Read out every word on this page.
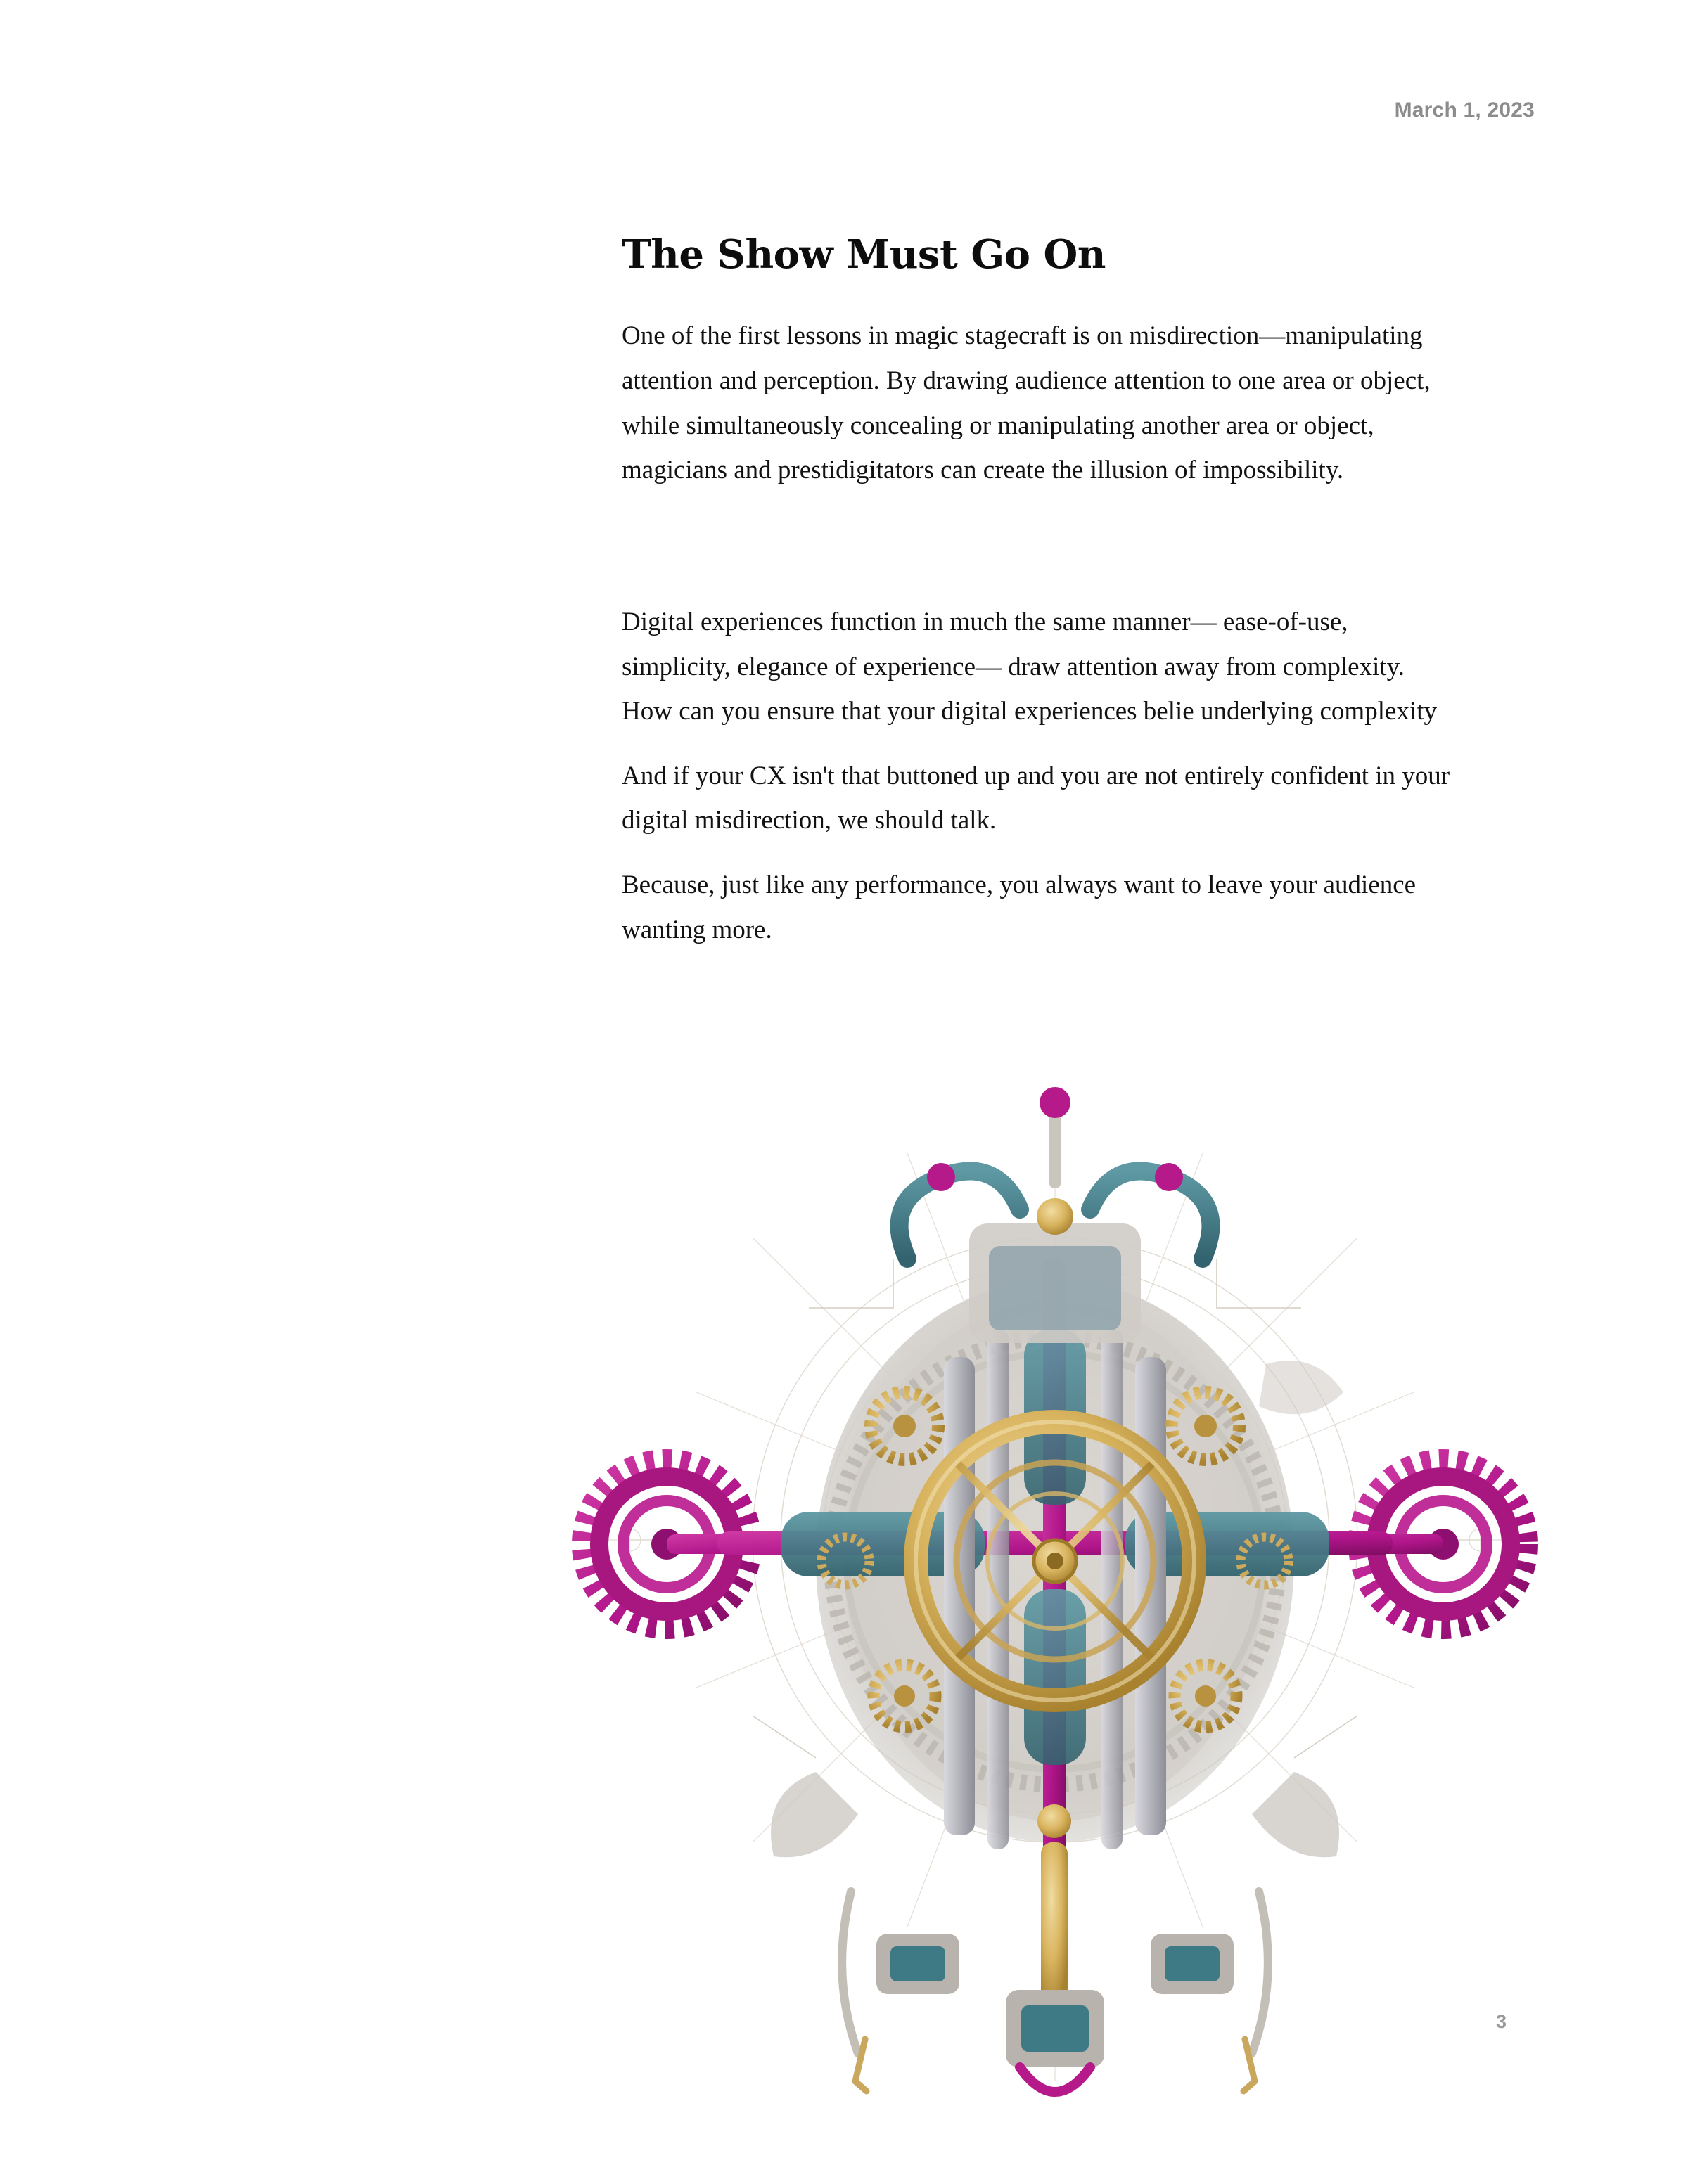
March 1, 2023
The Show Must Go On

One of the first lessons in magic stagecraft is on misdirection—manipulating attention and perception. By drawing audience attention to one area or object, while simultaneously concealing or manipulating another area or object, magicians and prestidigitators can create the illusion of impossibility.

Digital experiences function in much the same manner— ease-of-use, simplicity, elegance of experience— draw attention away from complexity. How can you ensure that your digital experiences belie underlying complexity

And if your CX isn't that buttoned up and you are not entirely confident in your digital misdirection, we should talk.

Because, just like any performance, you always want to leave your audience wanting more.

3
